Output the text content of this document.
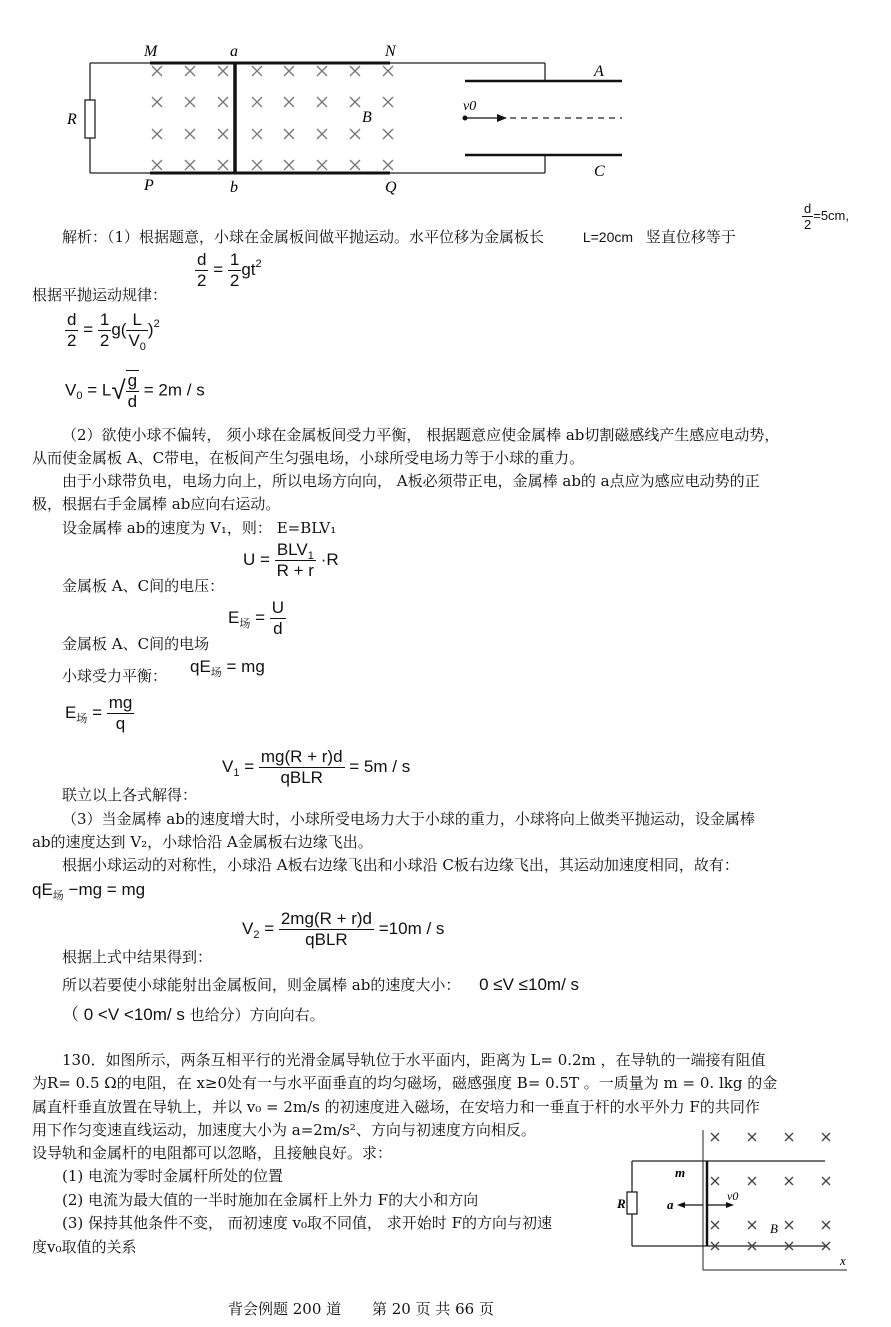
M	a	N
A
R	B
v0
P	b	Q
C
解析：（1）根据题意，小球在金属板间做平抛运动。水平位移为金属板长	L=20cm 竖直位移等于
$\frac{d}{2} =5cm$,
$\frac{d}{2} = \frac{1}{2} gt^2$
根据平抛运动规律：
$\frac{d}{2} = \frac{1}{2} g( \frac{L}{V_0} )^2$
$V_0 = L√ \frac{g}{d} = 2m / s$
（2）欲使小球不偏转， 须小球在金属板间受力平衡， 根据题意应使金属棒 ab切割磁感线产生感应电动势，
从而使金属板 A、C带电，在板间产生匀强电场，小球所受电场力等于小球的重力。
由于小球带负电，电场力向上，所以电场方向向， A板必须带正电，金属棒 ab的 a点应为感应电动势的正
极，根据右手金属棒 ab应向右运动。
设金属棒 ab的速度为 V₁，则： E=BLV₁
$U = \frac{BLV_1}{R + r} \cdot R$
金属板 A、C间的电压：
$E_场 = \frac{U}{d}$
金属板 A、C间的电场
小球受力平衡： $qE_场$ = mg
$E_场 = \frac{mg}{q}$
$V_1 = \frac{mg(R + r)d}{\text{qBLR}} = 5m / s$
联立以上各式解得：
（3）当金属棒 ab的速度增大时，小球所受电场力大于小球的重力，小球将向上做类平抛运动，设金属棒
ab的速度达到 V₂，小球恰沿 A金属板右边缘飞出。
根据小球运动的对称性，小球沿 A板右边缘飞出和小球沿 C板右边缘飞出，其运动加速度相同，故有：
$qE_场 -mg$ = mg
$V_2 = \frac{2mg(R + r)d}{\text{qBLR}} =10m / s$
根据上式中结果得到：
所以若要使小球能射出金属板间，则金属棒 ab的速度大小： 0 ≤V ≤10m/ s
（ 0 <V <10m/ s 也给分）方向向右。
130．如图所示，两条互相平行的光滑金属导轨位于水平面内，距离为 L= 0.2m ，在导轨的一端接有阻值
为R= 0.5 Ω的电阻，在 x≥0处有一与水平面垂直的均匀磁场，磁感强度 B= 0.5T 。一质量为 m = 0. lkg 的金
属直杆垂直放置在导轨上，并以 v₀ = 2m/s 的初速度进入磁场，在安培力和一垂直于杆的水平外力 F的共同作
用下作匀变速直线运动，加速度大小为 a=2m/s²、方向与初速度方向相反。
设导轨和金属杆的电阻都可以忽略，且接触良好。求：
(1) 电流为零时金属杆所处的位置
(2) 电流为最大值的一半时施加在金属杆上外力 F的大小和方向
(3) 保持其他条件不变， 而初速度 v₀取不同值， 求开始时 F的方向与初速
度v₀取值的关系
m
R	a
v0
B
x
背会例题 200 道 第 20 页 共 66 页
